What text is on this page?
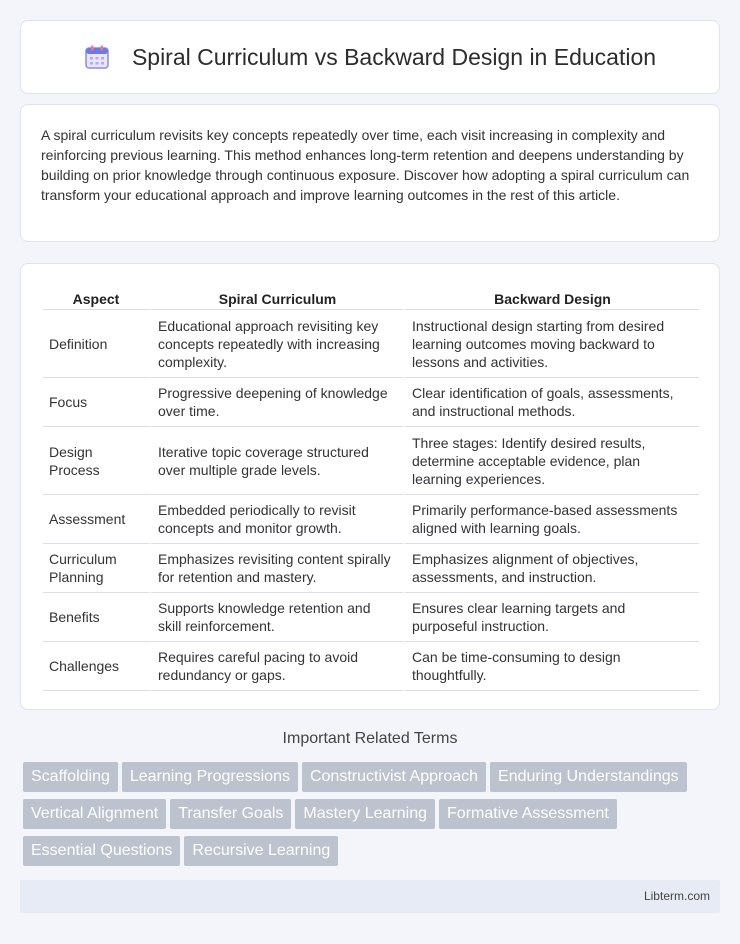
Spiral Curriculum vs Backward Design in Education

A spiral curriculum revisits key concepts repeatedly over time, each visit increasing in complexity and reinforcing previous learning. This method enhances long-term retention and deepens understanding by building on prior knowledge through continuous exposure. Discover how adopting a spiral curriculum can transform your educational approach and improve learning outcomes in the rest of this article.

Aspect	Spiral Curriculum	Backward Design
Definition	Educational approach revisiting key concepts repeatedly with increasing complexity.	Instructional design starting from desired learning outcomes moving backward to lessons and activities.
Focus	Progressive deepening of knowledge over time.	Clear identification of goals, assessments, and instructional methods.
Design Process	Iterative topic coverage structured over multiple grade levels.	Three stages: Identify desired results, determine acceptable evidence, plan learning experiences.
Assessment	Embedded periodically to revisit concepts and monitor growth.	Primarily performance-based assessments aligned with learning goals.
Curriculum Planning	Emphasizes revisiting content spirally for retention and mastery.	Emphasizes alignment of objectives, assessments, and instruction.
Benefits	Supports knowledge retention and skill reinforcement.	Ensures clear learning targets and purposeful instruction.
Challenges	Requires careful pacing to avoid redundancy or gaps.	Can be time-consuming to design thoughtfully.
Important Related Terms
Scaffolding Learning Progressions Constructivist Approach Enduring Understandings
Vertical Alignment Transfer Goals Mastery Learning Formative Assessment
Essential Questions Recursive Learning
Libterm.com
